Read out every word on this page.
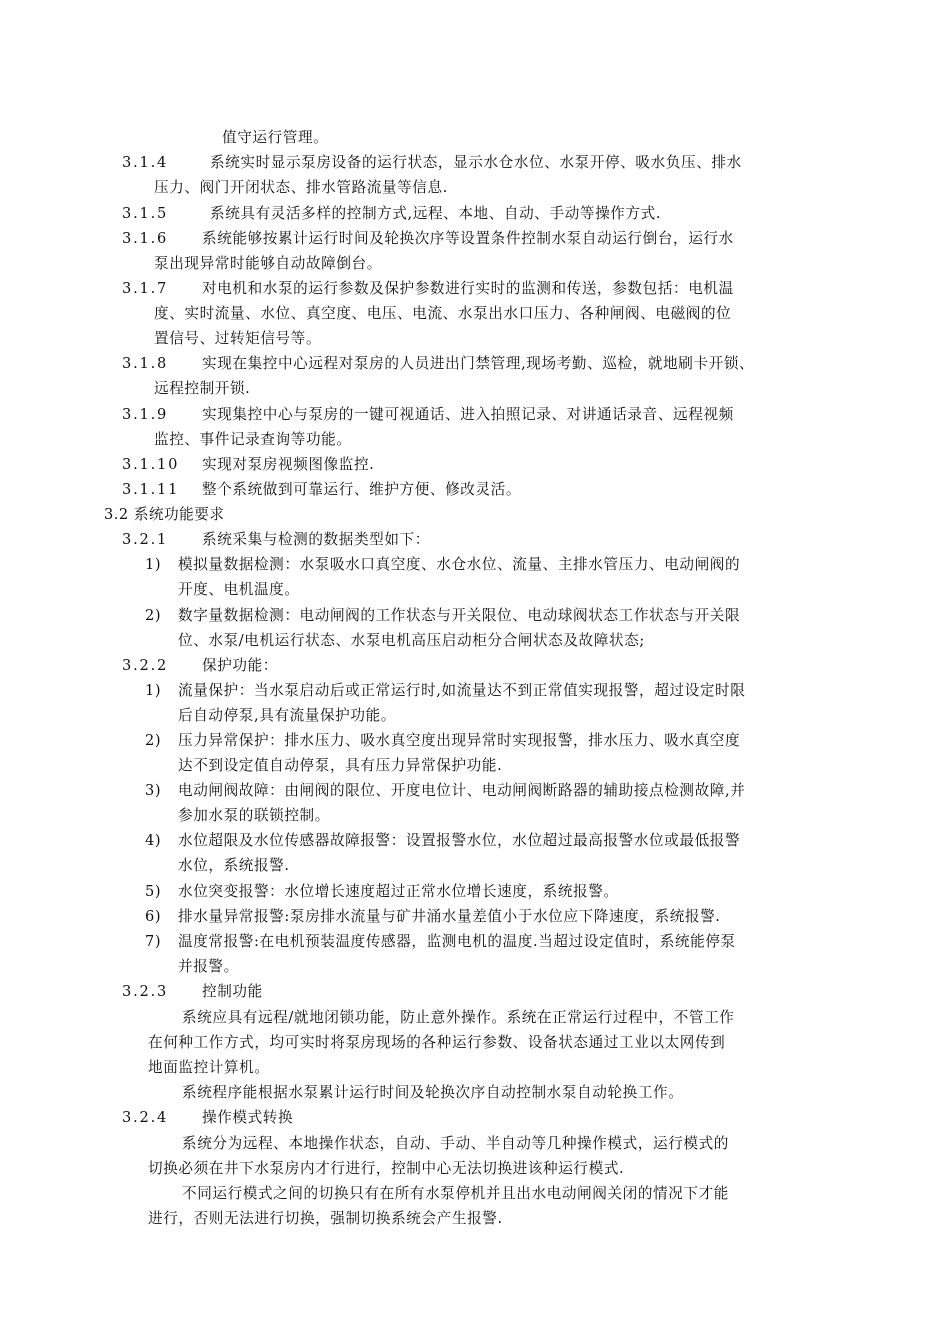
值守运行管理。
3.1.4	系统实时显示泵房设备的运行状态，显示水仓水位、水泵开停、吸水负压、排水
压力、阀门开闭状态、排水管路流量等信息.
3.1.5	系统具有灵活多样的控制方式,远程、本地、自动、手动等操作方式.
3.1.6 系统能够按累计运行时间及轮换次序等设置条件控制水泵自动运行倒台，运行水
泵出现异常时能够自动故障倒台。
3.1.7 对电机和水泵的运行参数及保护参数进行实时的监测和传送，参数包括：电机温
度、实时流量、水位、真空度、电压、电流、水泵出水口压力、各种闸阀、电磁阀的位
置信号、过转矩信号等。
3.1.8 实现在集控中心远程对泵房的人员进出门禁管理,现场考勤、巡检，就地刷卡开锁、
远程控制开锁.
3.1.9 实现集控中心与泵房的一键可视通话、进入拍照记录、对讲通话录音、远程视频
监控、事件记录查询等功能。
3.1.10 实现对泵房视频图像监控.
3.1.11 整个系统做到可靠运行、维护方便、修改灵活。
3.2 系统功能要求
3.2.1 系统采集与检测的数据类型如下：
1) 模拟量数据检测：水泵吸水口真空度、水仓水位、流量、主排水管压力、电动闸阀的
开度、电机温度。
2) 数字量数据检测：电动闸阀的工作状态与开关限位、电动球阀状态工作状态与开关限
位、水泵/电机运行状态、水泵电机高压启动柜分合闸状态及故障状态;
3.2.2 保护功能：
1) 流量保护：当水泵启动后或正常运行时,如流量达不到正常值实现报警，超过设定时限
后自动停泵,具有流量保护功能。
2) 压力异常保护：排水压力、吸水真空度出现异常时实现报警，排水压力、吸水真空度
达不到设定值自动停泵，具有压力异常保护功能.
3) 电动闸阀故障：由闸阀的限位、开度电位计、电动闸阀断路器的辅助接点检测故障,并
参加水泵的联锁控制。
4) 水位超限及水位传感器故障报警：设置报警水位，水位超过最高报警水位或最低报警
水位，系统报警.
5) 水位突变报警：水位增长速度超过正常水位增长速度，系统报警。
6) 排水量异常报警:泵房排水流量与矿井涌水量差值小于水位应下降速度，系统报警.
7) 温度常报警:在电机预装温度传感器，监测电机的温度.当超过设定值时，系统能停泵
并报警。
3.2.3 控制功能
系统应具有远程/就地闭锁功能，防止意外操作。系统在正常运行过程中，不管工作
在何种工作方式，均可实时将泵房现场的各种运行参数、设备状态通过工业以太网传到
地面监控计算机。
系统程序能根据水泵累计运行时间及轮换次序自动控制水泵自动轮换工作。
3.2.4 操作模式转换
系统分为远程、本地操作状态，自动、手动、半自动等几种操作模式，运行模式的
切换必须在井下水泵房内才行进行，控制中心无法切换进该种运行模式.
不同运行模式之间的切换只有在所有水泵停机并且出水电动闸阀关闭的情况下才能
进行，否则无法进行切换，强制切换系统会产生报警.
